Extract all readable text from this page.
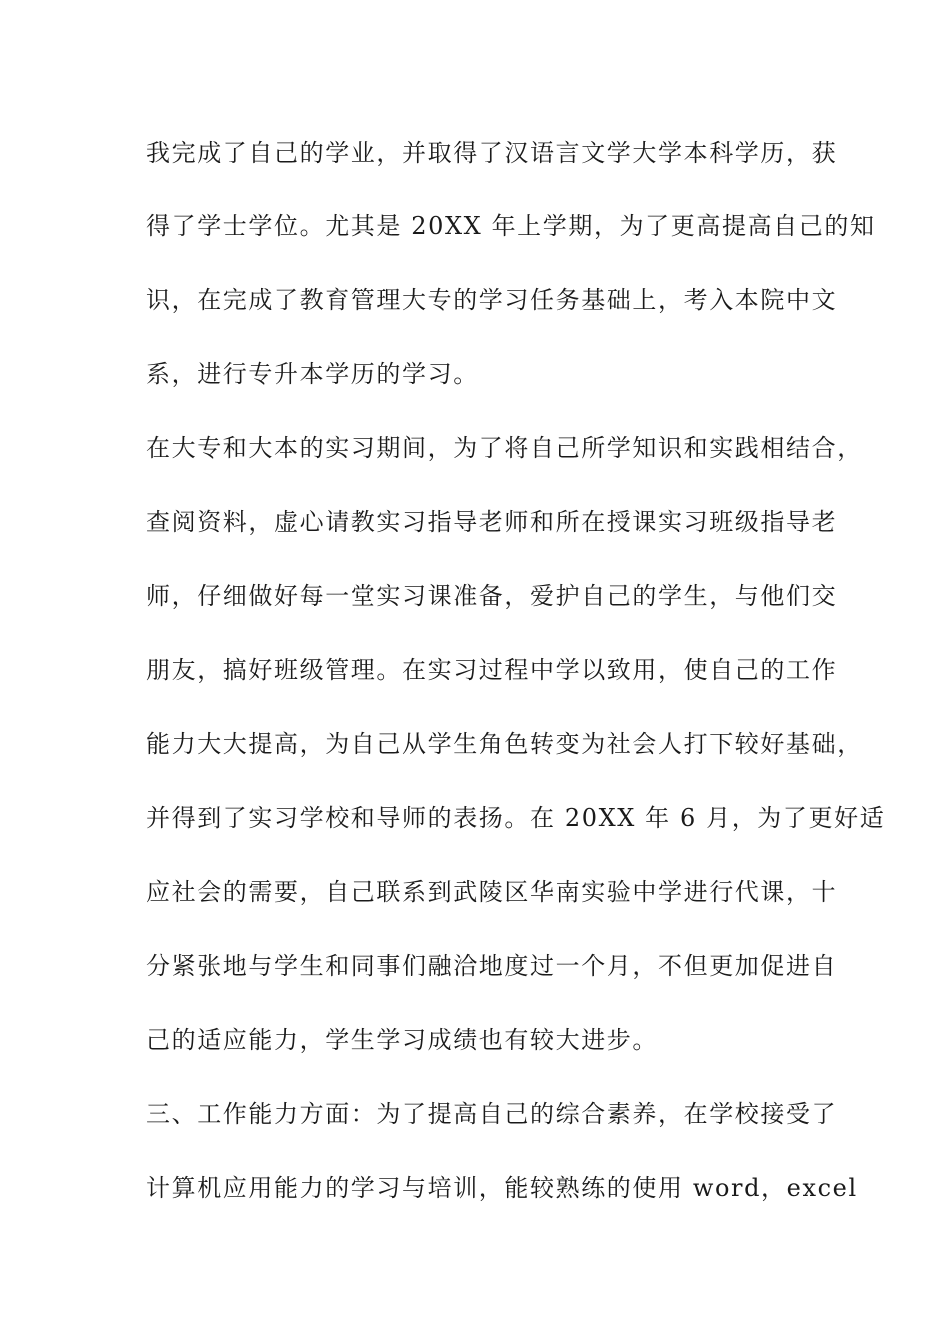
我完成了自己的学业，并取得了汉语言文学大学本科学历，获
得了学士学位。尤其是 20XX 年上学期，为了更高提高自己的知
识，在完成了教育管理大专的学习任务基础上，考入本院中文
系，进行专升本学历的学习。
在大专和大本的实习期间，为了将自己所学知识和实践相结合，
查阅资料，虚心请教实习指导老师和所在授课实习班级指导老
师，仔细做好每一堂实习课准备，爱护自己的学生，与他们交
朋友，搞好班级管理。在实习过程中学以致用，使自己的工作
能力大大提高，为自己从学生角色转变为社会人打下较好基础，
并得到了实习学校和导师的表扬。在 20XX 年 6 月，为了更好适
应社会的需要，自己联系到武陵区华南实验中学进行代课，十
分紧张地与学生和同事们融洽地度过一个月，不但更加促进自
己的适应能力，学生学习成绩也有较大进步。
三、工作能力方面：为了提高自己的综合素养，在学校接受了
计算机应用能力的学习与培训，能较熟练的使用 word，excel
